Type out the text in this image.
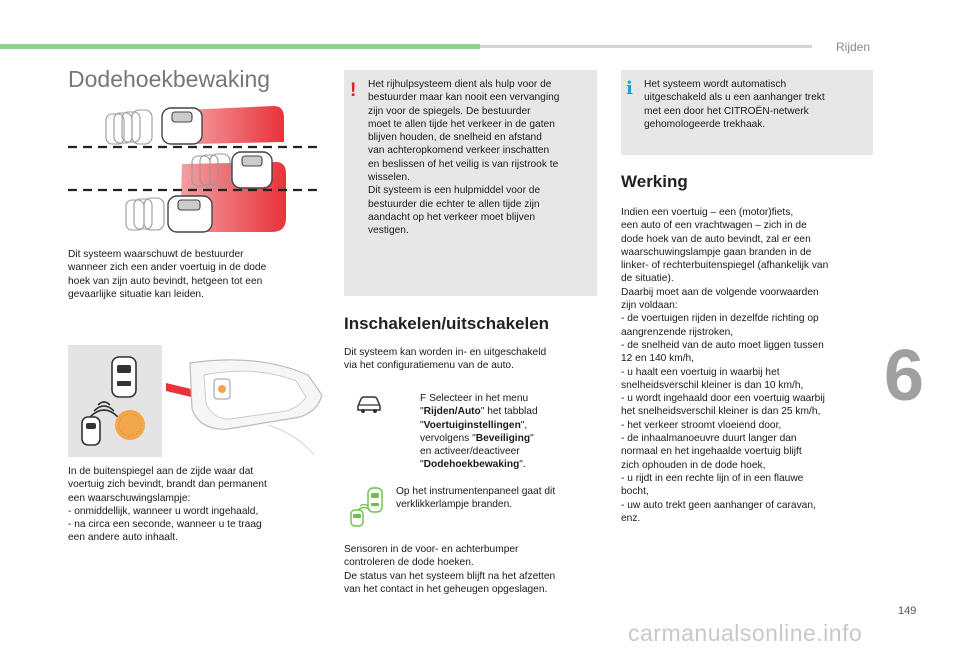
Rijden
6
149
carmanualsonline.info
Dodehoekbewaking
Dit systeem waarschuwt de bestuurder
wanneer zich een ander voertuig in de dode
hoek van zijn auto bevindt, hetgeen tot een
gevaarlijke situatie kan leiden.
In de buitenspiegel aan de zijde waar dat
voertuig zich bevindt, brandt dan permanent
een waarschuwingslampje:
- onmiddellijk, wanneer u wordt ingehaald,
- na circa een seconde, wanneer u te traag
een andere auto inhaalt.
! Het rijhulpsysteem dient als hulp voor de
bestuurder maar kan nooit een vervanging
zijn voor de spiegels. De bestuurder
moet te allen tijde het verkeer in de gaten
blijven houden, de snelheid en afstand
van achteropkomend verkeer inschatten
en beslissen of het veilig is van rijstrook te
wisselen.
Dit systeem is een hulpmiddel voor de
bestuurder die echter te allen tijde zijn
aandacht op het verkeer moet blijven
vestigen.
i Het systeem wordt automatisch
uitgeschakeld als u een aanhanger trekt
met een door het CITROËN-netwerk
gehomologeerde trekhaak.
Inschakelen/uitschakelen
Dit systeem kan worden in- en uitgeschakeld
via het configuratiemenu van de auto.
F Selecteer in het menu
"Rijden/Auto" het tabblad
"Voertuiginstellingen",
vervolgens "Beveiliging"
en activeer/deactiveer
"Dodehoekbewaking".
Op het instrumentenpaneel gaat dit
verklikkerlampje branden.
Sensoren in de voor- en achterbumper
controleren de dode hoeken.
De status van het systeem blijft na het afzetten
van het contact in het geheugen opgeslagen.
Werking
Indien een voertuig – een (motor)fiets,
een auto of een vrachtwagen – zich in de
dode hoek van de auto bevindt, zal er een
waarschuwingslampje gaan branden in de
linker- of rechterbuitenspiegel (afhankelijk van
de situatie).
Daarbij moet aan de volgende voorwaarden
zijn voldaan:
- de voertuigen rijden in dezelfde richting op
aangrenzende rijstroken,
- de snelheid van de auto moet liggen tussen
12 en 140 km/h,
- u haalt een voertuig in waarbij het
snelheidsverschil kleiner is dan 10 km/h,
- u wordt ingehaald door een voertuig waarbij
het snelheidsverschil kleiner is dan 25 km/h,
- het verkeer stroomt vloeiend door,
- de inhaalmanoeuvre duurt langer dan
normaal en het ingehaalde voertuig blijft
zich ophouden in de dode hoek,
- u rijdt in een rechte lijn of in een flauwe
bocht,
- uw auto trekt geen aanhanger of caravan,
enz.
